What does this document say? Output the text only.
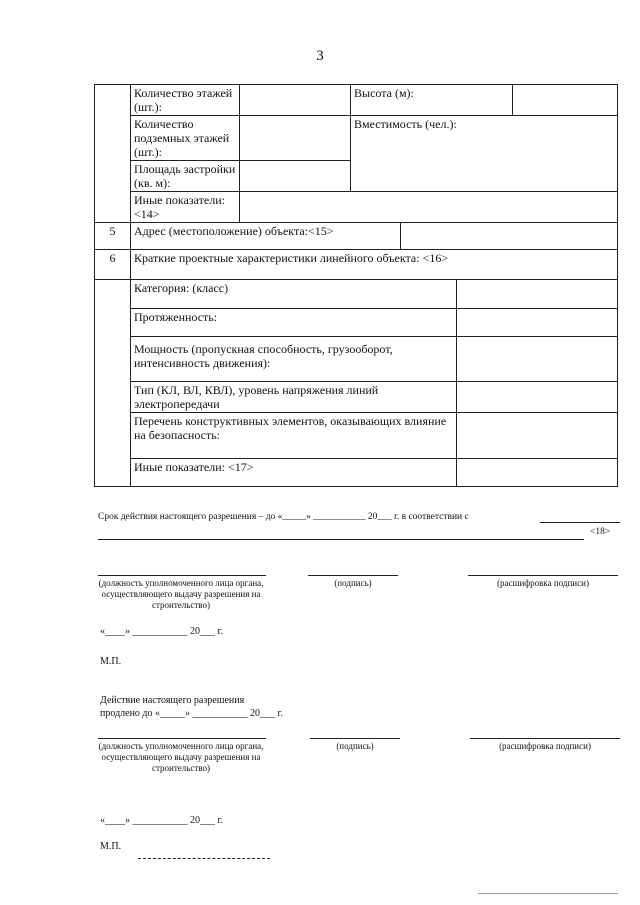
3
	Количество этажей (шт.):		Высота (м):			
	Количество подземных этажей (шт.):		Вместимость (чел.):			
	Площадь застройки (кв. м):					
	Иные показатели: <14>					
5	Адрес (местоположение) объекта:<15>					
6	Краткие проектные характеристики линейного объекта: <16>					
	Категория: (класс)					
	Протяженность:					
	Мощность (пропускная способность, грузооборот, интенсивность движения):					
	Тип (КЛ, ВЛ, КВЛ), уровень напряжения линий электропередачи					
	Перечень конструктивных элементов, оказывающих влияние на безопасность:					
	Иные показатели: <17>					
Срок действия настоящего разрешения – до «_____» ___________ 20___ г. в соответствии с
<18>
(должность уполномоченного лица органа, осуществляющего выдачу разрешения на строительство)
(подпись)	(расшифровка подписи)
«____» ___________ 20___ г.
М.П.
Действие настоящего разрешения
продлено до «_____» ___________ 20___ г.
(должность уполномоченного лица органа, осуществляющего выдачу разрешения на строительство)
(подпись)	(расшифровка подписи)
«____» ___________ 20___ г.
М.П.
